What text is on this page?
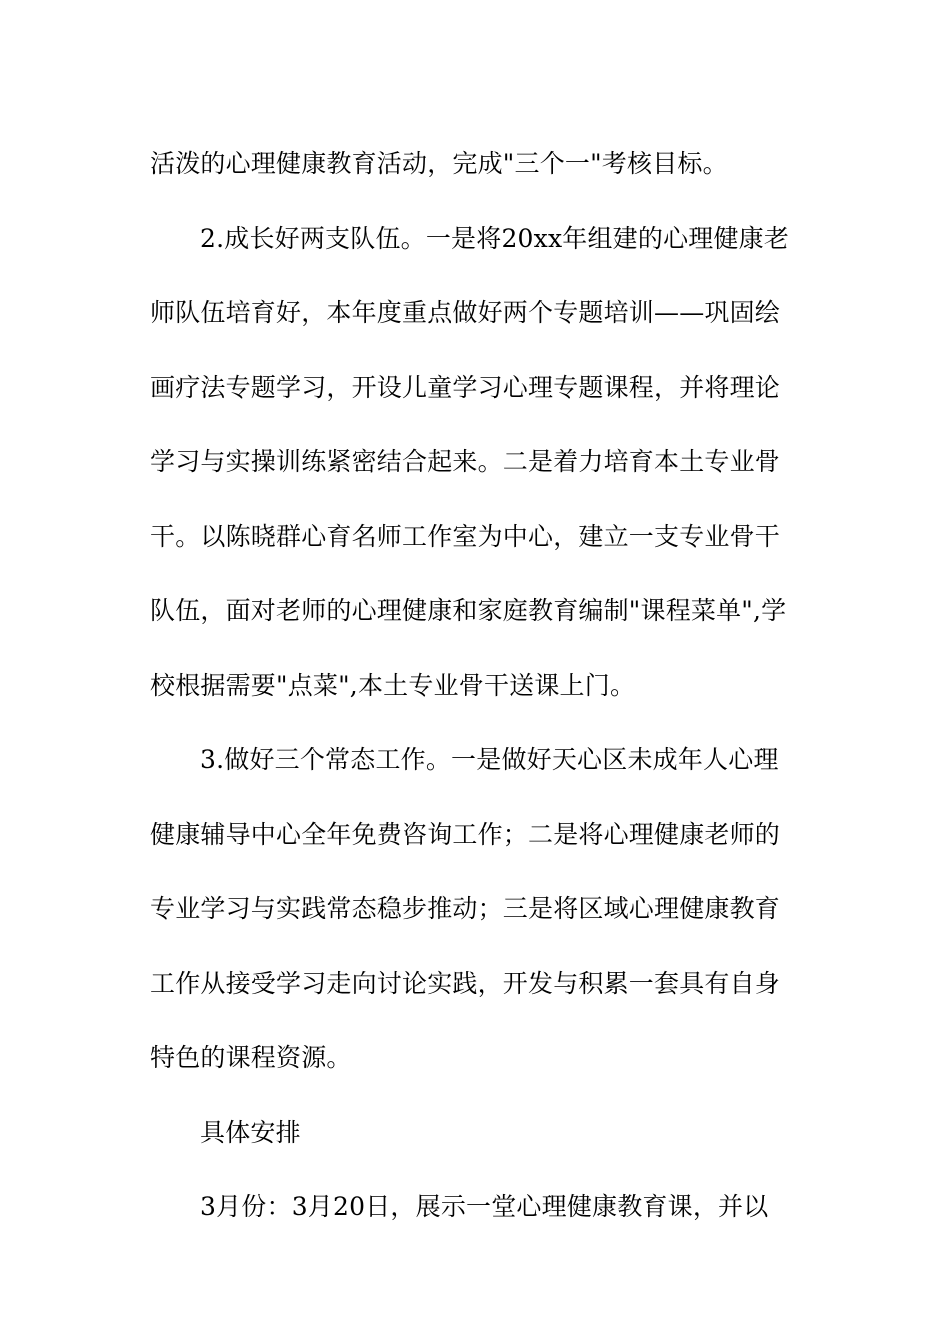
活泼的心理健康教育活动，完成"三个一"考核目标。
2.成长好两支队伍。一是将20xx年组建的心理健康老
师队伍培育好，本年度重点做好两个专题培训——巩固绘
画疗法专题学习，开设儿童学习心理专题课程，并将理论
学习与实操训练紧密结合起来。二是着力培育本土专业骨
干。以陈晓群心育名师工作室为中心，建立一支专业骨干
队伍，面对老师的心理健康和家庭教育编制"课程菜单",学
校根据需要"点菜",本土专业骨干送课上门。
3.做好三个常态工作。一是做好天心区未成年人心理
健康辅导中心全年免费咨询工作；二是将心理健康老师的
专业学习与实践常态稳步推动；三是将区域心理健康教育
工作从接受学习走向讨论实践，开发与积累一套具有自身
特色的课程资源。
具体安排
3月份：3月20日，展示一堂心理健康教育课，并以
